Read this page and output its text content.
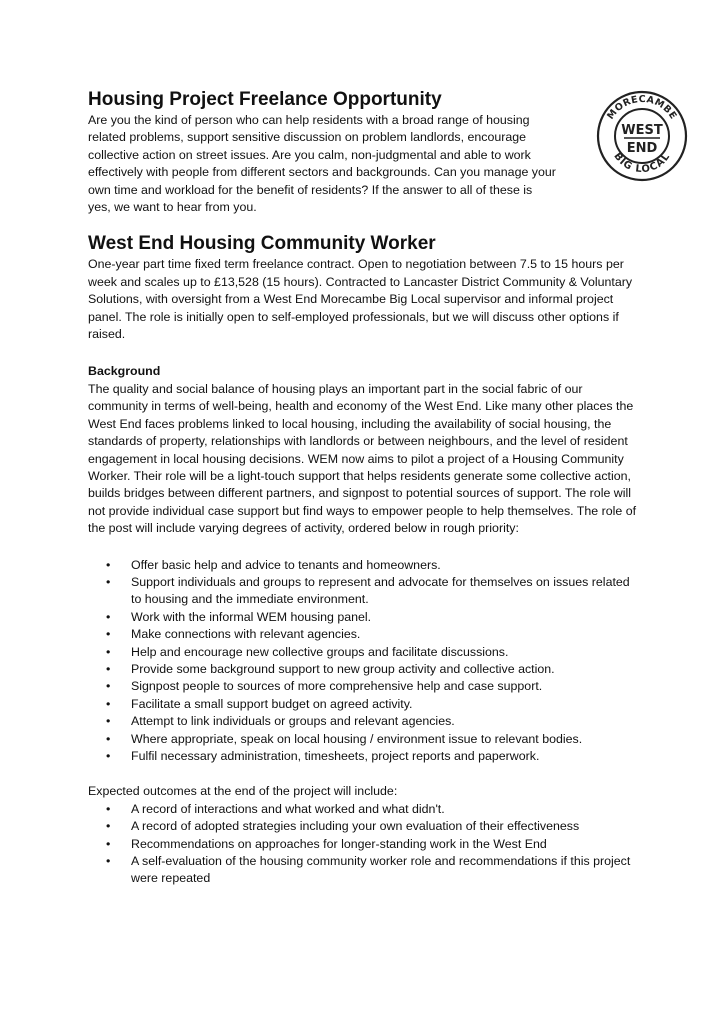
MORECAMBE
BIG LOCAL
WEST
END
Housing Project Freelance Opportunity

Are you the kind of person who can help residents with a broad range of housing related problems, support sensitive discussion on problem landlords, encourage collective action on street issues. Are you calm, non-judgmental and able to work effectively with people from different sectors and backgrounds. Can you manage your own time and workload for the benefit of residents? If the answer to all of these is yes, we want to hear from you.

West End Housing Community Worker

One-year part time fixed term freelance contract. Open to negotiation between 7.5 to 15 hours per week and scales up to £13,528 (15 hours). Contracted to Lancaster District Community & Voluntary Solutions, with oversight from a West End Morecambe Big Local supervisor and informal project panel. The role is initially open to self-employed professionals, but we will discuss other options if raised.

Background

The quality and social balance of housing plays an important part in the social fabric of our community in terms of well-being, health and economy of the West End. Like many other places the West End faces problems linked to local housing, including the availability of social housing, the standards of property, relationships with landlords or between neighbours, and the level of resident engagement in local housing decisions. WEM now aims to pilot a project of a Housing Community Worker. Their role will be a light-touch support that helps residents generate some collective action, builds bridges between different partners, and signpost to potential sources of support. The role will not provide individual case support but find ways to empower people to help themselves. The role of the post will include varying degrees of activity, ordered below in rough priority:

• Offer basic help and advice to tenants and homeowners.
• Support individuals and groups to represent and advocate for themselves on issues related to housing and the immediate environment.
• Work with the informal WEM housing panel.
• Make connections with relevant agencies.
• Help and encourage new collective groups and facilitate discussions.
• Provide some background support to new group activity and collective action.
• Signpost people to sources of more comprehensive help and case support.
• Facilitate a small support budget on agreed activity.
• Attempt to link individuals or groups and relevant agencies.
• Where appropriate, speak on local housing / environment issue to relevant bodies.
• Fulfil necessary administration, timesheets, project reports and paperwork.

Expected outcomes at the end of the project will include:

• A record of interactions and what worked and what didn't.
• A record of adopted strategies including your own evaluation of their effectiveness
• Recommendations on approaches for longer-standing work in the West End
• A self-evaluation of the housing community worker role and recommendations if this project were repeated
